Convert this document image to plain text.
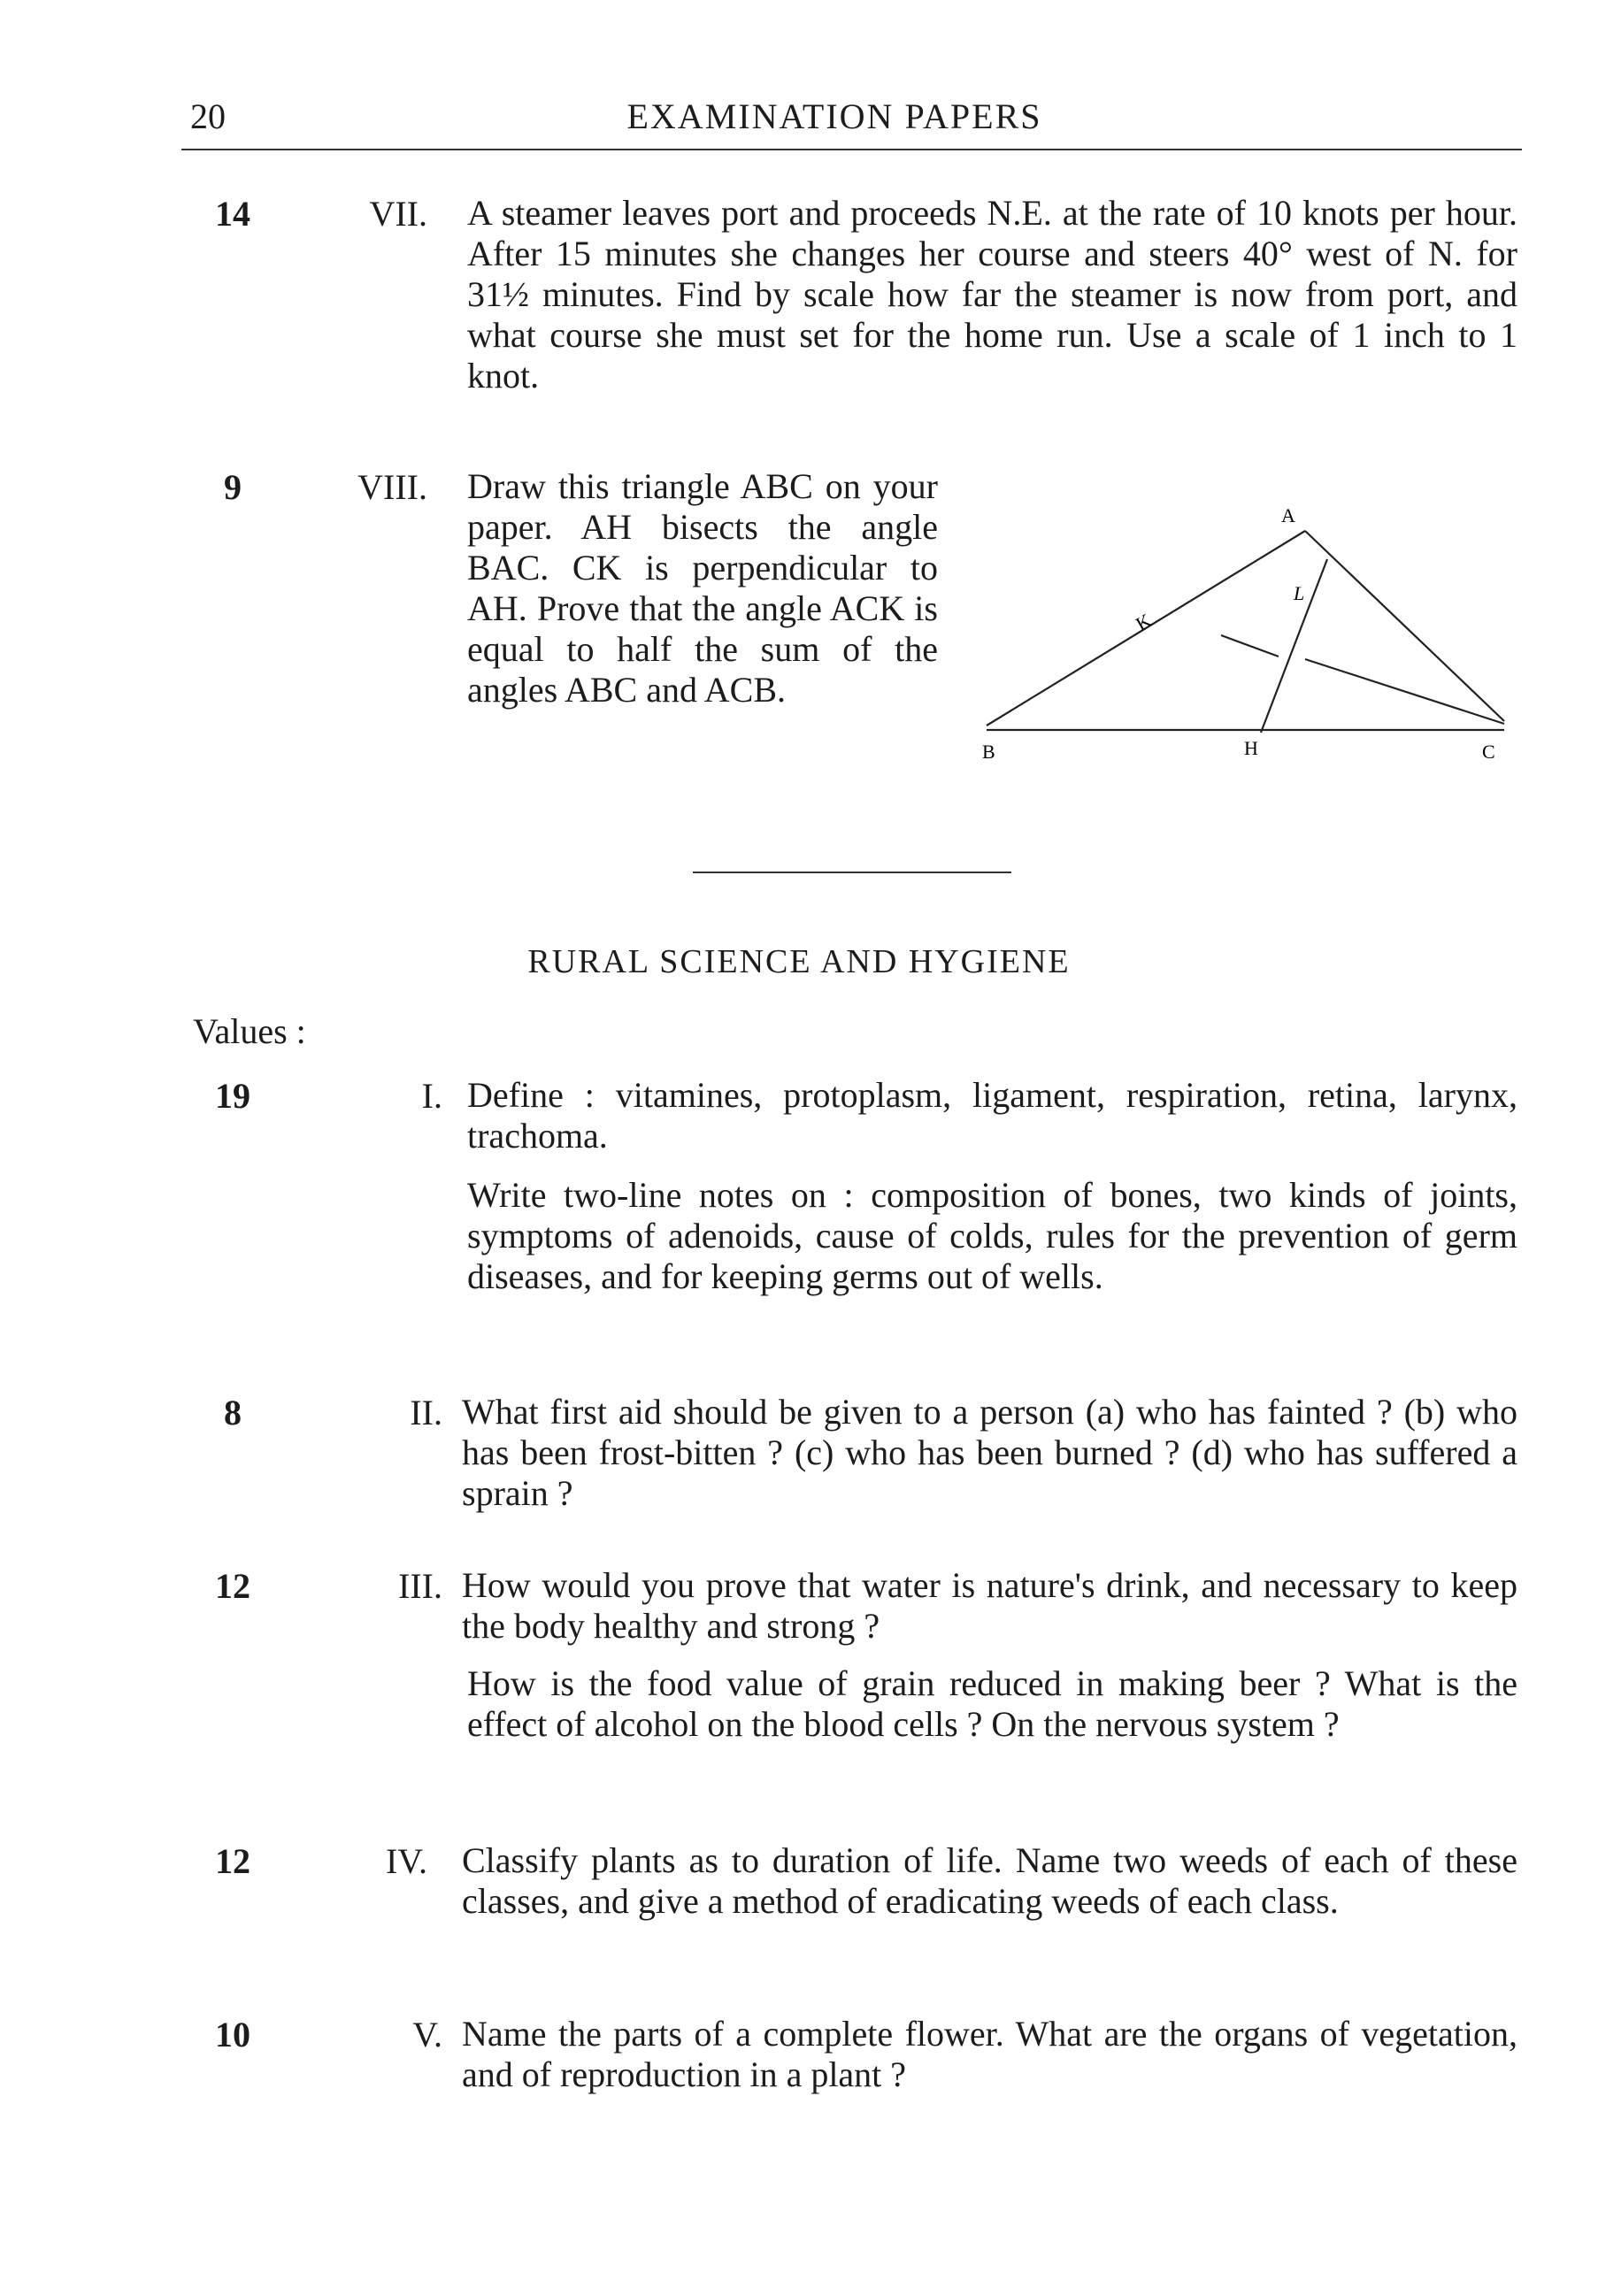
20	EXAMINATION PAPERS
14	VII. A steamer leaves port and proceeds N.E. at the rate of 10 knots per hour. After 15 minutes she changes her course and steers 40° west of N. for 31½ minutes. Find by scale how far the steamer is now from port, and what course she must set for the home run. Use a scale of 1 inch to 1 knot.
9	VIII. Draw this triangle ABC on your paper. AH bisects the angle BAC. CK is perpendicular to AH. Prove that the angle ACK is equal to half the sum of the angles ABC and ACB.
A
B	H	C
K
L
RURAL SCIENCE AND HYGIENE
Values :
19	I. Define : vitamines, protoplasm, ligament, respiration, retina, larynx, trachoma.
Write two-line notes on : composition of bones, two kinds of joints, symptoms of adenoids, cause of colds, rules for the prevention of germ diseases, and for keeping germs out of wells.
8	II. What first aid should be given to a person (a) who has fainted ? (b) who has been frost-bitten ? (c) who has been burned ? (d) who has suffered a sprain ?
12	III. How would you prove that water is nature's drink, and necessary to keep the body healthy and strong ?
How is the food value of grain reduced in making beer ? What is the effect of alcohol on the blood cells ? On the nervous system ?
12	IV. Classify plants as to duration of life. Name two weeds of each of these classes, and give a method of eradicating weeds of each class.
10	V. Name the parts of a complete flower. What are the organs of vegetation, and of reproduction in a plant ?
